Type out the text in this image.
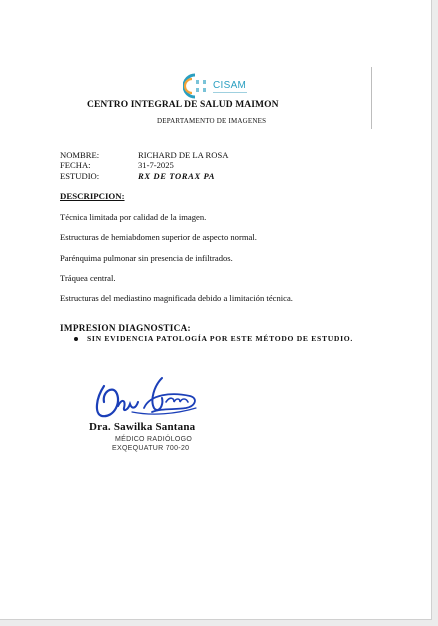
CISAM
CENTRO INTEGRAL DE SALUD MAIMON
DEPARTAMENTO DE IMAGENES
NOMBRE:	RICHARD DE LA ROSA
FECHA:	31-7-2025
ESTUDIO:	RX DE TORAX PA
DESCRIPCION:

Técnica limitada por calidad de la imagen.

Estructuras de hemiabdomen superior de aspecto normal.

Parénquima pulmonar sin presencia de infiltrados.

Tráquea central.

Estructuras del mediastino magnificada debido a limitación técnica.

IMPRESION DIAGNOSTICA:
SIN EVIDENCIA PATOLOGÍA POR ESTE MÉTODO DE ESTUDIO.
Dra. Sawilka Santana
MÉDICO RADIÓLOGO
EXQEQUATUR 700-20
